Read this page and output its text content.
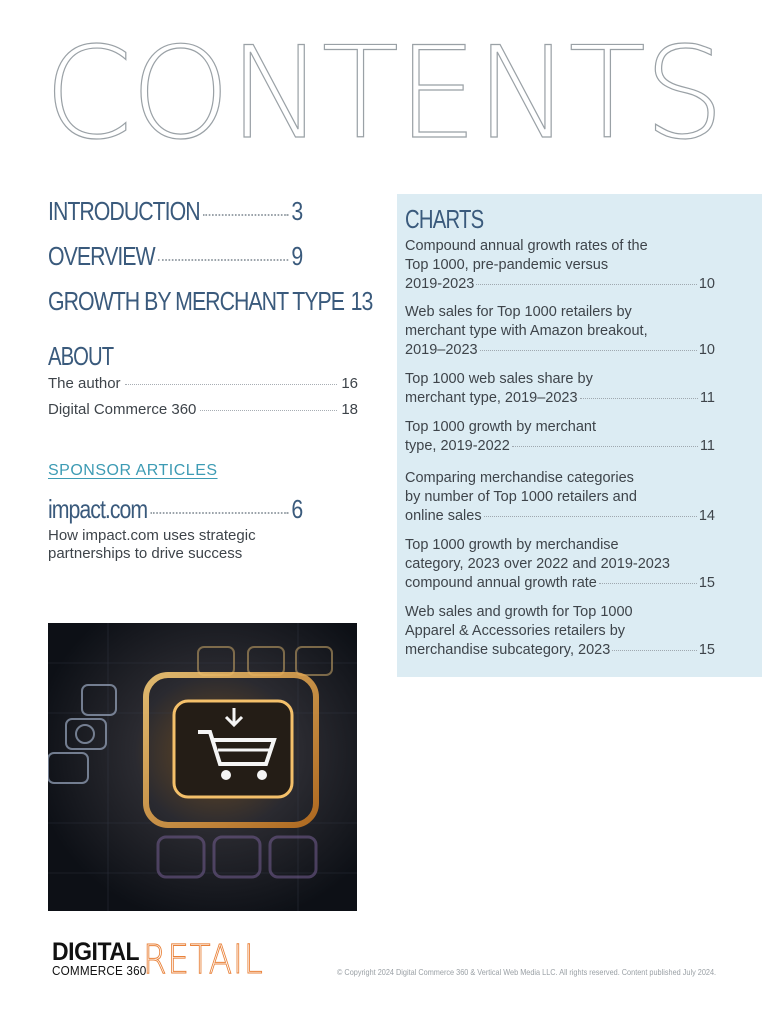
CONTENTS
INTRODUCTION	3
OVERVIEW	9
GROWTH BY MERCHANT TYPE 13
ABOUT
The author	16
Digital Commerce 360	18
SPONSOR ARTICLES
impact.com	6
How impact.com uses strategic partnerships to drive success
CHARTS
Compound annual growth rates of the
Top 1000, pre-pandemic versus
2019-2023	10
Web sales for Top 1000 retailers by
merchant type with Amazon breakout,
2019–2023	10
Top 1000 web sales share by
merchant type, 2019–2023	11
Top 1000 growth by merchant
type, 2019-2022	11
Comparing merchandise categories
by number of Top 1000 retailers and
online sales	14
Top 1000 growth by merchandise
category, 2023 over 2022 and 2019-2023
compound annual growth rate	15
Web sales and growth for Top 1000
Apparel & Accessories retailers by
merchandise subcategory, 2023	15
DIGITAL
COMMERCE 360
RETAIL	© Copyright 2024 Digital Commerce 360 & Vertical Web Media LLC. All rights reserved. Content published July 2024.
